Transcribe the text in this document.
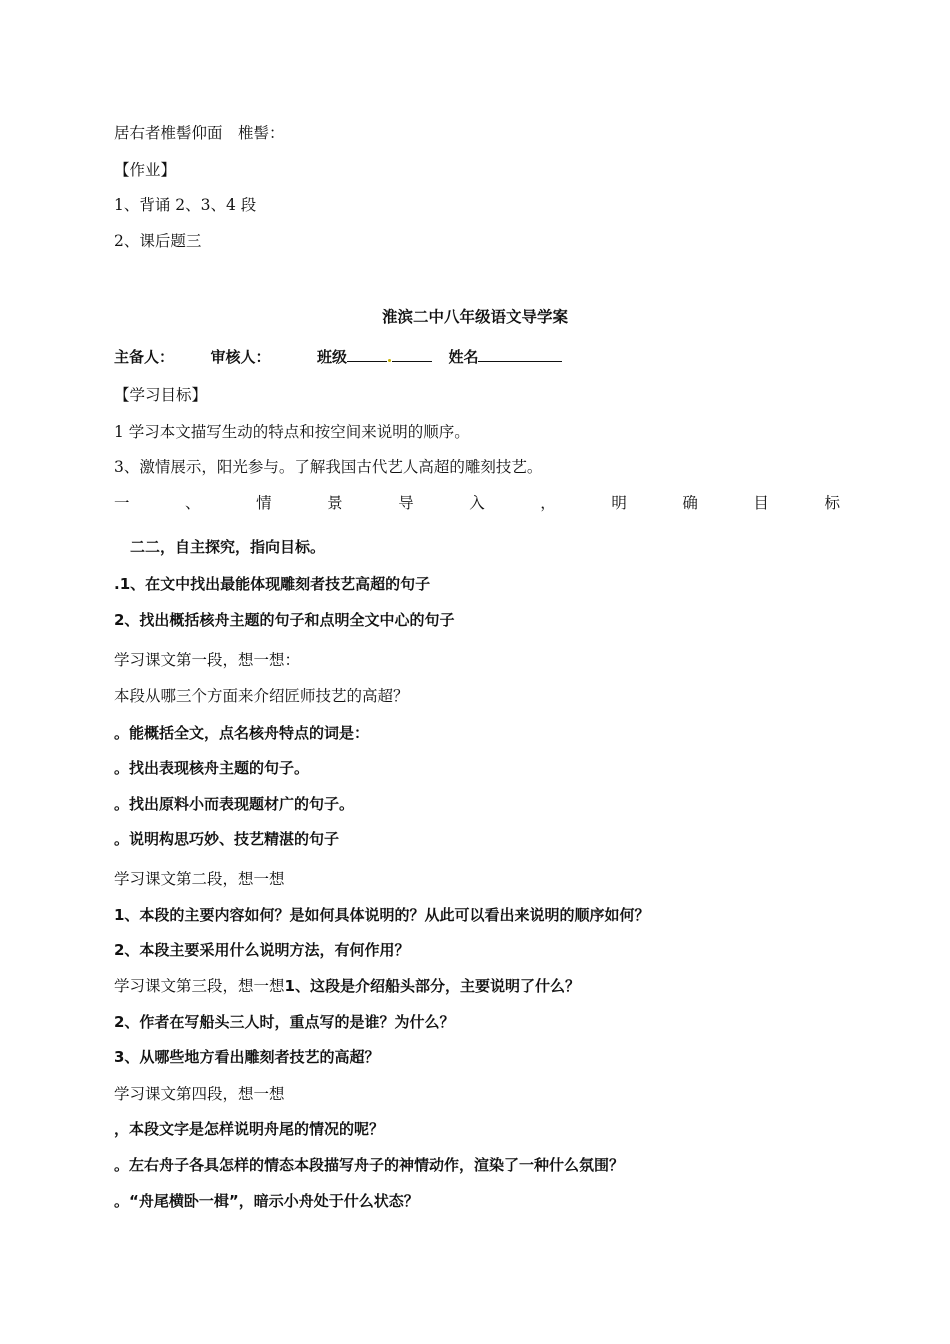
居右者椎髻仰面　椎髻：
【作业】
1、背诵 2、3、4 段
2、课后题三
淮滨二中八年级语文导学案
主备人： 审核人：	班级	姓名
【学习目标】
1 学习本文描写生动的特点和按空间来说明的顺序。
3、激情展示，阳光参与。了解我国古代艺人高超的雕刻技艺。
一	、	情	景	导	入	，	明	确	目	标
二二，自主探究，指向目标。
.1、在文中找出最能体现雕刻者技艺高超的句子
2、找出概括核舟主题的句子和点明全文中心的句子
学习课文第一段，想一想：
本段从哪三个方面来介绍匠师技艺的高超？
。能概括全文，点名核舟特点的词是：
。找出表现核舟主题的句子。
。找出原料小而表现题材广的句子。
。说明构思巧妙、技艺精湛的句子
学习课文第二段，想一想
1、本段的主要内容如何？是如何具体说明的？从此可以看出来说明的顺序如何？
2、本段主要采用什么说明方法，有何作用？
学习课文第三段，想一想1、这段是介绍船头部分，主要说明了什么？
2、作者在写船头三人时，重点写的是谁？为什么？
3、从哪些地方看出雕刻者技艺的高超？
学习课文第四段，想一想
，本段文字是怎样说明舟尾的情况的呢？
。左右舟子各具怎样的情态本段描写舟子的神情动作，渲染了一种什么氛围？
。“舟尾横卧一楫”，暗示小舟处于什么状态？
